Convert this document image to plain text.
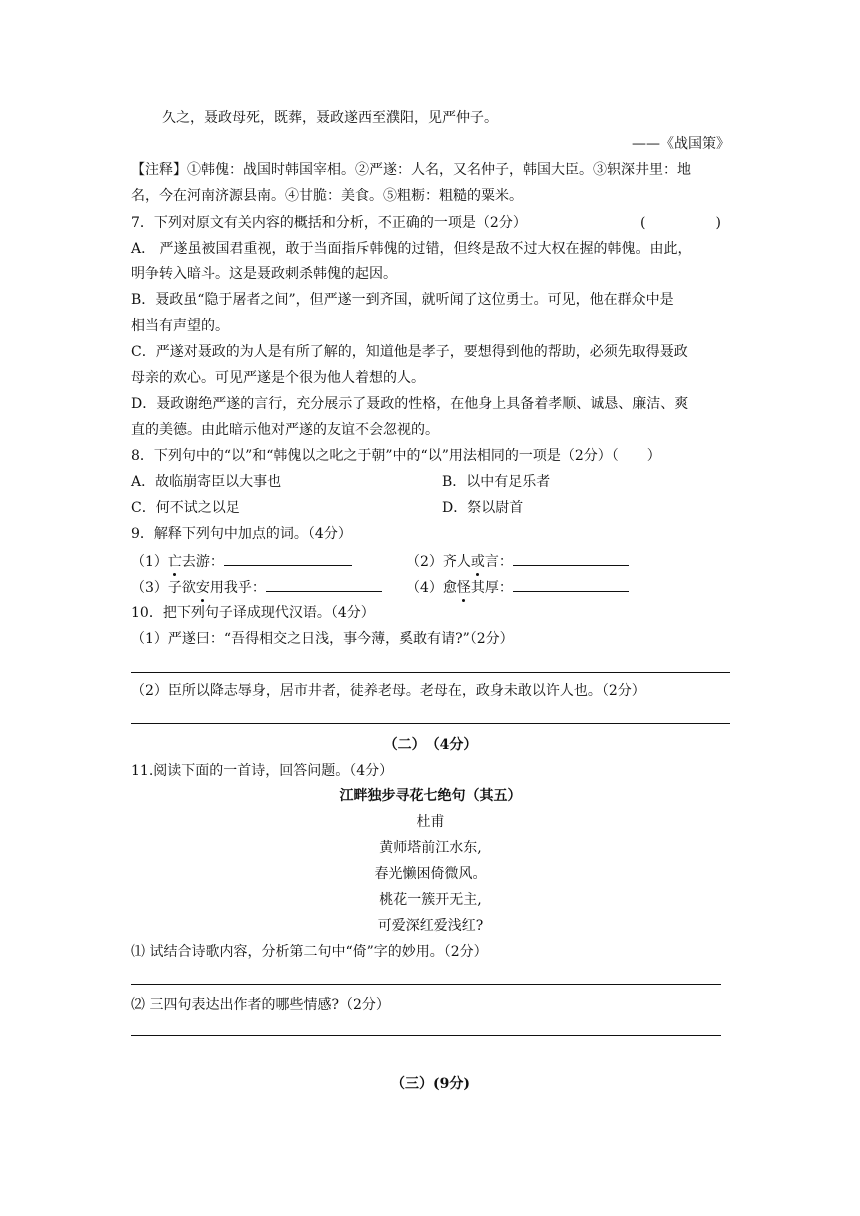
久之，聂政母死，既葬，聂政遂西至濮阳，见严仲子。
——《战国策》
【注释】①韩傀：战国时韩国宰相。②严遂：人名，又名仲子，韩国大臣。③轵深井里：地
名，今在河南济源县南。④甘脆：美食。⑤粗粝：粗糙的粟米。
7．下列对原文有关内容的概括和分析，不正确的一项是（2分）	(　　　　　)
A． 严遂虽被国君重视，敢于当面指斥韩傀的过错，但终是敌不过大权在握的韩傀。由此，
明争转入暗斗。这是聂政刺杀韩傀的起因。
B．聂政虽“隐于屠者之间”，但严遂一到齐国，就听闻了这位勇士。可见，他在群众中是
相当有声望的。
C．严遂对聂政的为人是有所了解的，知道他是孝子，要想得到他的帮助，必须先取得聂政
母亲的欢心。可见严遂是个很为他人着想的人。
D．聂政谢绝严遂的言行，充分展示了聂政的性格，在他身上具备着孝顺、诚恳、廉洁、爽
直的美德。由此暗示他对严遂的友谊不会忽视的。
8．下列句中的“以”和“韩傀以之叱之于朝”中的“以”用法相同的一项是（2分）（　　）
A．故临崩寄臣以大事也	B．以中有足乐者
C．何不试之以足	D．祭以尉首
9．解释下列句中加点的词。（4分）
（1）亡去游：	（2）齐人或言：
（3）子欲安用我乎：	（4）愈怪其厚：
10．把下列句子译成现代汉语。（4分）
（1）严遂曰：“吾得相交之日浅，事今薄，奚敢有请?”（2分）
（2）臣所以降志辱身，居市井者，徒养老母。老母在，政身未敢以许人也。（2分）
（二）　（4分）
11.阅读下面的一首诗，回答问题。（4分）
江畔独步寻花七绝句（其五）
杜甫
黄师塔前江水东,
春光懒困倚微风。
桃花一簇开无主,
可爱深红爱浅红?
⑴ 试结合诗歌内容，分析第二句中“倚”字的妙用。（2分）
⑵ 三四句表达出作者的哪些情感?（2分）
（三）(9分)
